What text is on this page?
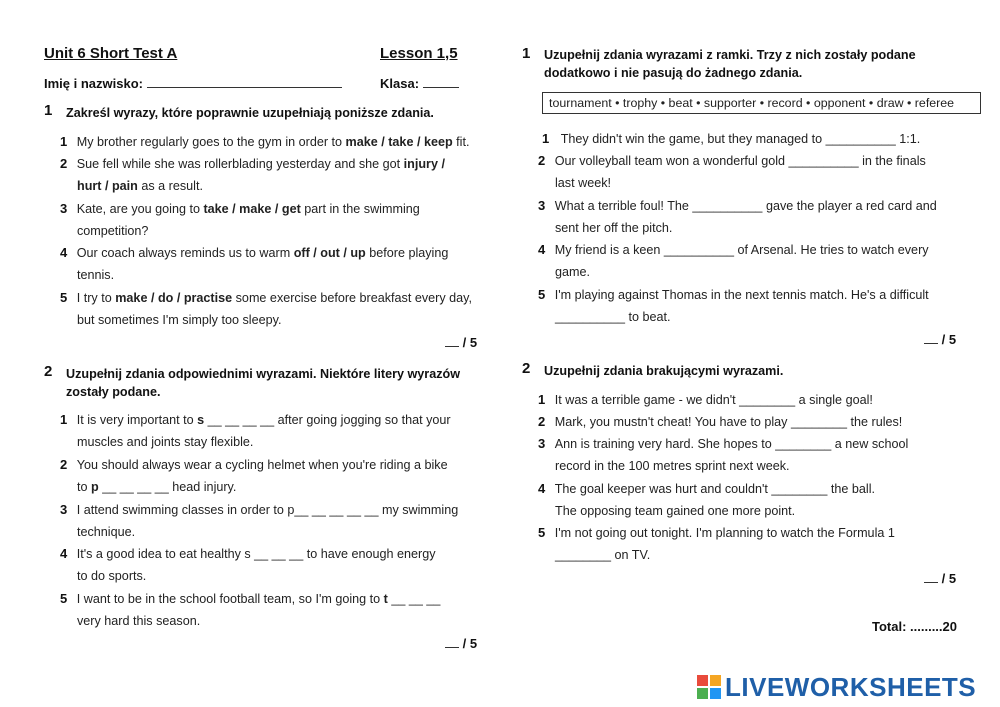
Unit 6 Short Test A	Lesson 1,5
Imię i nazwisko:	Klasa:
1 Zakreśl wyrazy, które poprawnie uzupełniają poniższe zdania.
1 My brother regularly goes to the gym in order to make / take / keep fit.
2 Sue fell while she was rollerblading yesterday and she got injury /
hurt / pain as a result.
3 Kate, are you going to take / make / get part in the swimming
competition?
4 Our coach always reminds us to warm off / out / up before playing
tennis.
5 I try to make / do / practise some exercise before breakfast every day,
but sometimes I'm simply too sleepy.
/ 5
2 Uzupełnij zdania odpowiednimi wyrazami. Niektóre litery wyrazów
zostały podane.
1 It is very important to s __ __ __ __ after going jogging so that your
muscles and joints stay flexible.
2 You should always wear a cycling helmet when you're riding a bike
to p __ __ __ __ head injury.
3 I attend swimming classes in order to p__ __ __ __ __ my swimming
technique.
4 It's a good idea to eat healthy s __ __ __ to have enough energy
to do sports.
5 I want to be in the school football team, so I'm going to t __ __ __
very hard this season.
/ 5
1 Uzupełnij zdania wyrazami z ramki. Trzy z nich zostały podane
dodatkowo i nie pasują do żadnego zdania.
tournament • trophy • beat • supporter • record • opponent • draw • referee
1 They didn't win the game, but they managed to __________ 1:1.
2 Our volleyball team won a wonderful gold __________ in the finals
last week!
3 What a terrible foul! The __________ gave the player a red card and
sent her off the pitch.
4 My friend is a keen __________ of Arsenal. He tries to watch every
game.
5 I'm playing against Thomas in the next tennis match. He's a difficult
__________ to beat.
/ 5
2 Uzupełnij zdania brakującymi wyrazami.
1 It was a terrible game - we didn't ________ a single goal!
2 Mark, you mustn't cheat! You have to play ________ the rules!
3 Ann is training very hard. She hopes to ________ a new school
record in the 100 metres sprint next week.
4 The goal keeper was hurt and couldn't ________ the ball.
The opposing team gained one more point.
5 I'm not going out tonight. I'm planning to watch the Formula 1
________ on TV.
/ 5
Total: .........20
LIVEWORKSHEETS
